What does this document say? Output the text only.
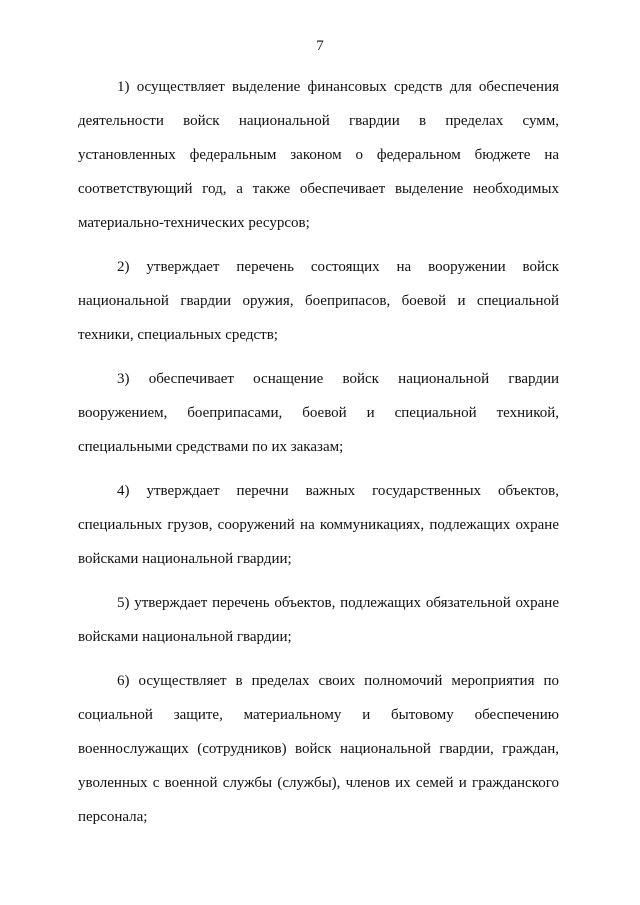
7

1) осуществляет выделение финансовых средств для обеспечения деятельности войск национальной гвардии в пределах сумм, установленных федеральным законом о федеральном бюджете на соответствующий год, а также обеспечивает выделение необходимых материально-технических ресурсов;

2) утверждает перечень состоящих на вооружении войск национальной гвардии оружия, боеприпасов, боевой и специальной техники, специальных средств;

3) обеспечивает оснащение войск национальной гвардии вооружением, боеприпасами, боевой и специальной техникой, специальными средствами по их заказам;

4) утверждает перечни важных государственных объектов, специальных грузов, сооружений на коммуникациях, подлежащих охране войсками национальной гвардии;

5) утверждает перечень объектов, подлежащих обязательной охране войсками национальной гвардии;

6) осуществляет в пределах своих полномочий мероприятия по социальной защите, материальному и бытовому обеспечению военнослужащих (сотрудников) войск национальной гвардии, граждан, уволенных с военной службы (службы), членов их семей и гражданского персонала;
